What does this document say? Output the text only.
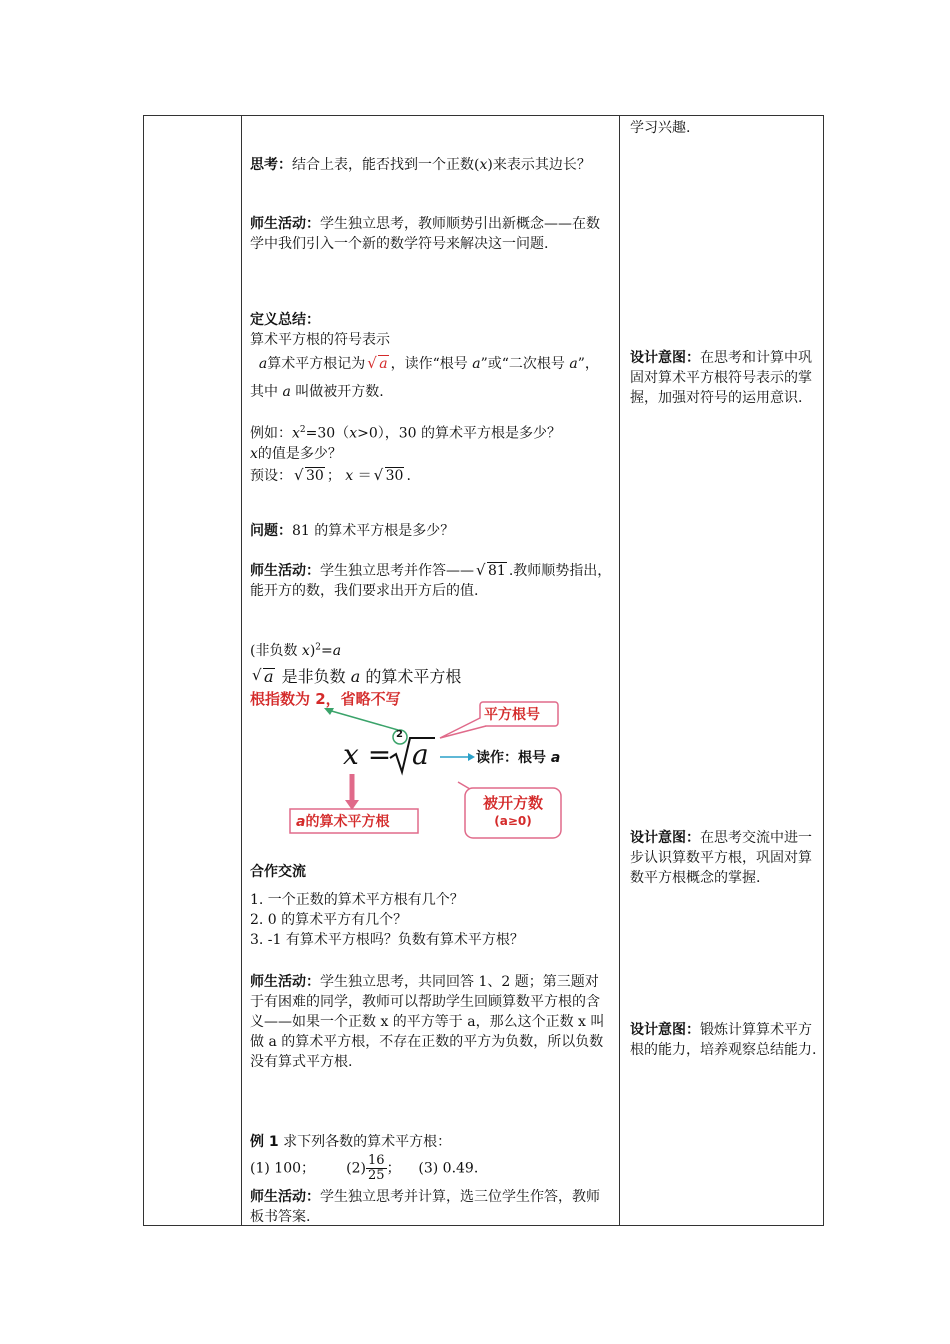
学习兴趣.
设计意图：在思考和计算中巩固对算术平方根符号表示的掌握，加强对符号的运用意识.
设计意图：在思考交流中进一步认识算数平方根，巩固对算数平方根概念的掌握.
设计意图：锻炼计算算术平方根的能力，培养观察总结能力.
思考：结合上表，能否找到一个正数(x)来表示其边长？
师生活动：学生独立思考，教师顺势引出新概念——在数学中我们引入一个新的数学符号来解决这一问题.
定义总结：
算术平方根的符号表示
a算术平方根记为 √ a ，读作“根号 a”或“二次根号 a”，其中 a 叫做被开方数.
例如：$x^2=30(x>0)$，30 的算术平方根是多少？
x的值是多少？
预设： √ 30 ； x ＝ √ 30 .
问题：81 的算术平方根是多少？
师生活动：学生独立思考并作答—— √ 81 .教师顺势指出，能开方的数，我们要求出开方后的值.
(非负数 x)$^2$=a
√ a 是非负数 a 的算术平方根
根指数为 2，省略不写
平方根号
2
x = a	读作：根号 a
a的算术平方根
被开方数
(a≥0)
合作交流
1. 一个正数的算术平方根有几个？
2. 0 的算术平方有几个？
3. -1 有算术平方根吗？负数有算术平方根？
师生活动：学生独立思考，共同回答 1、2 题；第三题对于有困难的同学，教师可以帮助学生回顾算数平方根的含义——如果一个正数 x 的平方等于 a，那么这个正数 x 叫做 a 的算术平方根，不存在正数的平方为负数，所以负数没有算式平方根.
例 1 求下列各数的算术平方根：
(1) 100； $(2) \frac{16}{25}$ ； (3) 0.49.
师生活动：学生独立思考并计算，选三位学生作答，教师板书答案.
